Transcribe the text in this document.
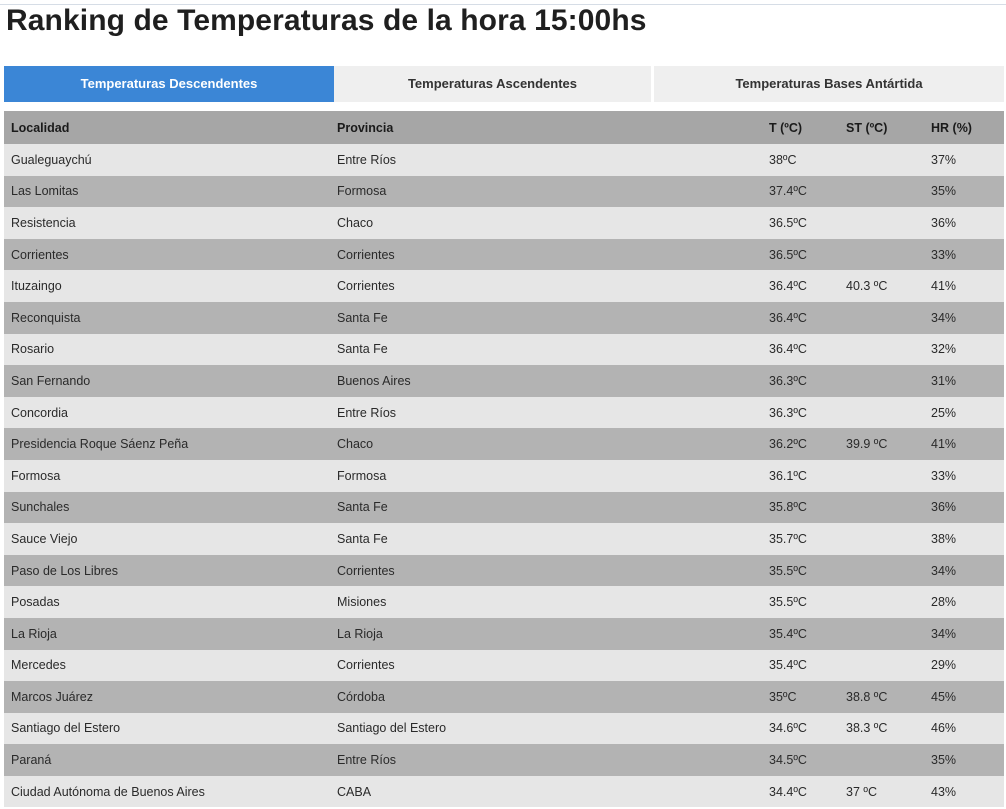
Ranking de Temperaturas de la hora 15:00hs
Temperaturas Descendentes	Temperaturas Ascendentes	Temperaturas Bases Antártida
Localidad	Provincia	T (ºC)	ST (ºC)	HR (%)
Gualeguaychú	Entre Ríos	38ºC		37%
Las Lomitas	Formosa	37.4ºC		35%
Resistencia	Chaco	36.5ºC		36%
Corrientes	Corrientes	36.5ºC		33%
Ituzaingo	Corrientes	36.4ºC	40.3 ºC	41%
Reconquista	Santa Fe	36.4ºC		34%
Rosario	Santa Fe	36.4ºC		32%
San Fernando	Buenos Aires	36.3ºC		31%
Concordia	Entre Ríos	36.3ºC		25%
Presidencia Roque Sáenz Peña	Chaco	36.2ºC	39.9 ºC	41%
Formosa	Formosa	36.1ºC		33%
Sunchales	Santa Fe	35.8ºC		36%
Sauce Viejo	Santa Fe	35.7ºC		38%
Paso de Los Libres	Corrientes	35.5ºC		34%
Posadas	Misiones	35.5ºC		28%
La Rioja	La Rioja	35.4ºC		34%
Mercedes	Corrientes	35.4ºC		29%
Marcos Juárez	Córdoba	35ºC	38.8 ºC	45%
Santiago del Estero	Santiago del Estero	34.6ºC	38.3 ºC	46%
Paraná	Entre Ríos	34.5ºC		35%
Ciudad Autónoma de Buenos Aires	CABA	34.4ºC	37 ºC	43%
